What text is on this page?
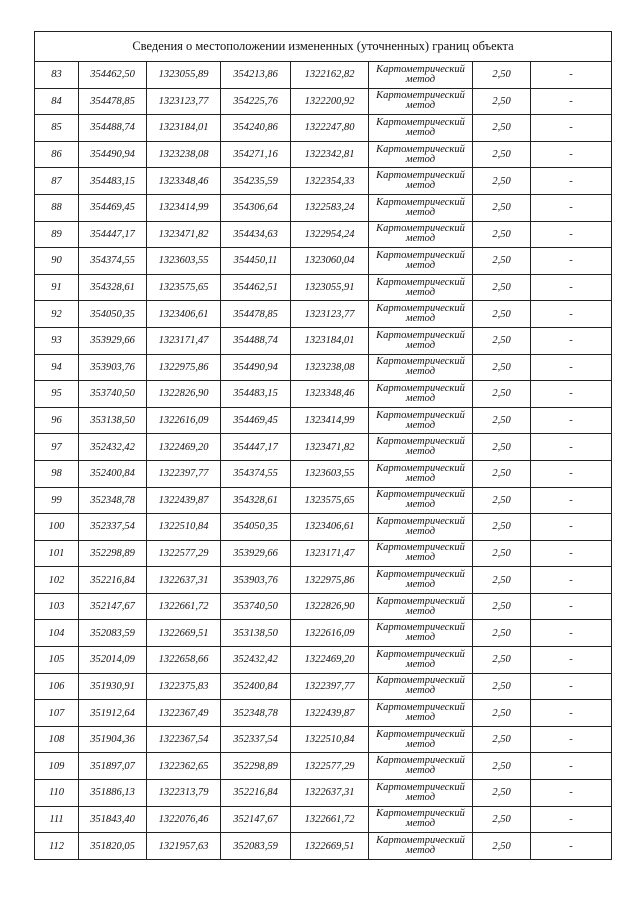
Сведения о местоположении измененных (уточненных) границ объекта							
83	354462,50	1323055,89	354213,86	1322162,82	Картометрический метод	2,50	-
84	354478,85	1323123,77	354225,76	1322200,92	Картометрический метод	2,50	-
85	354488,74	1323184,01	354240,86	1322247,80	Картометрический метод	2,50	-
86	354490,94	1323238,08	354271,16	1322342,81	Картометрический метод	2,50	-
87	354483,15	1323348,46	354235,59	1322354,33	Картометрический метод	2,50	-
88	354469,45	1323414,99	354306,64	1322583,24	Картометрический метод	2,50	-
89	354447,17	1323471,82	354434,63	1322954,24	Картометрический метод	2,50	-
90	354374,55	1323603,55	354450,11	1323060,04	Картометрический метод	2,50	-
91	354328,61	1323575,65	354462,51	1323055,91	Картометрический метод	2,50	-
92	354050,35	1323406,61	354478,85	1323123,77	Картометрический метод	2,50	-
93	353929,66	1323171,47	354488,74	1323184,01	Картометрический метод	2,50	-
94	353903,76	1322975,86	354490,94	1323238,08	Картометрический метод	2,50	-
95	353740,50	1322826,90	354483,15	1323348,46	Картометрический метод	2,50	-
96	353138,50	1322616,09	354469,45	1323414,99	Картометрический метод	2,50	-
97	352432,42	1322469,20	354447,17	1323471,82	Картометрический метод	2,50	-
98	352400,84	1322397,77	354374,55	1323603,55	Картометрический метод	2,50	-
99	352348,78	1322439,87	354328,61	1323575,65	Картометрический метод	2,50	-
100	352337,54	1322510,84	354050,35	1323406,61	Картометрический метод	2,50	-
101	352298,89	1322577,29	353929,66	1323171,47	Картометрический метод	2,50	-
102	352216,84	1322637,31	353903,76	1322975,86	Картометрический метод	2,50	-
103	352147,67	1322661,72	353740,50	1322826,90	Картометрический метод	2,50	-
104	352083,59	1322669,51	353138,50	1322616,09	Картометрический метод	2,50	-
105	352014,09	1322658,66	352432,42	1322469,20	Картометрический метод	2,50	-
106	351930,91	1322375,83	352400,84	1322397,77	Картометрический метод	2,50	-
107	351912,64	1322367,49	352348,78	1322439,87	Картометрический метод	2,50	-
108	351904,36	1322367,54	352337,54	1322510,84	Картометрический метод	2,50	-
109	351897,07	1322362,65	352298,89	1322577,29	Картометрический метод	2,50	-
110	351886,13	1322313,79	352216,84	1322637,31	Картометрический метод	2,50	-
111	351843,40	1322076,46	352147,67	1322661,72	Картометрический метод	2,50	-
112	351820,05	1321957,63	352083,59	1322669,51	Картометрический метод	2,50	-
